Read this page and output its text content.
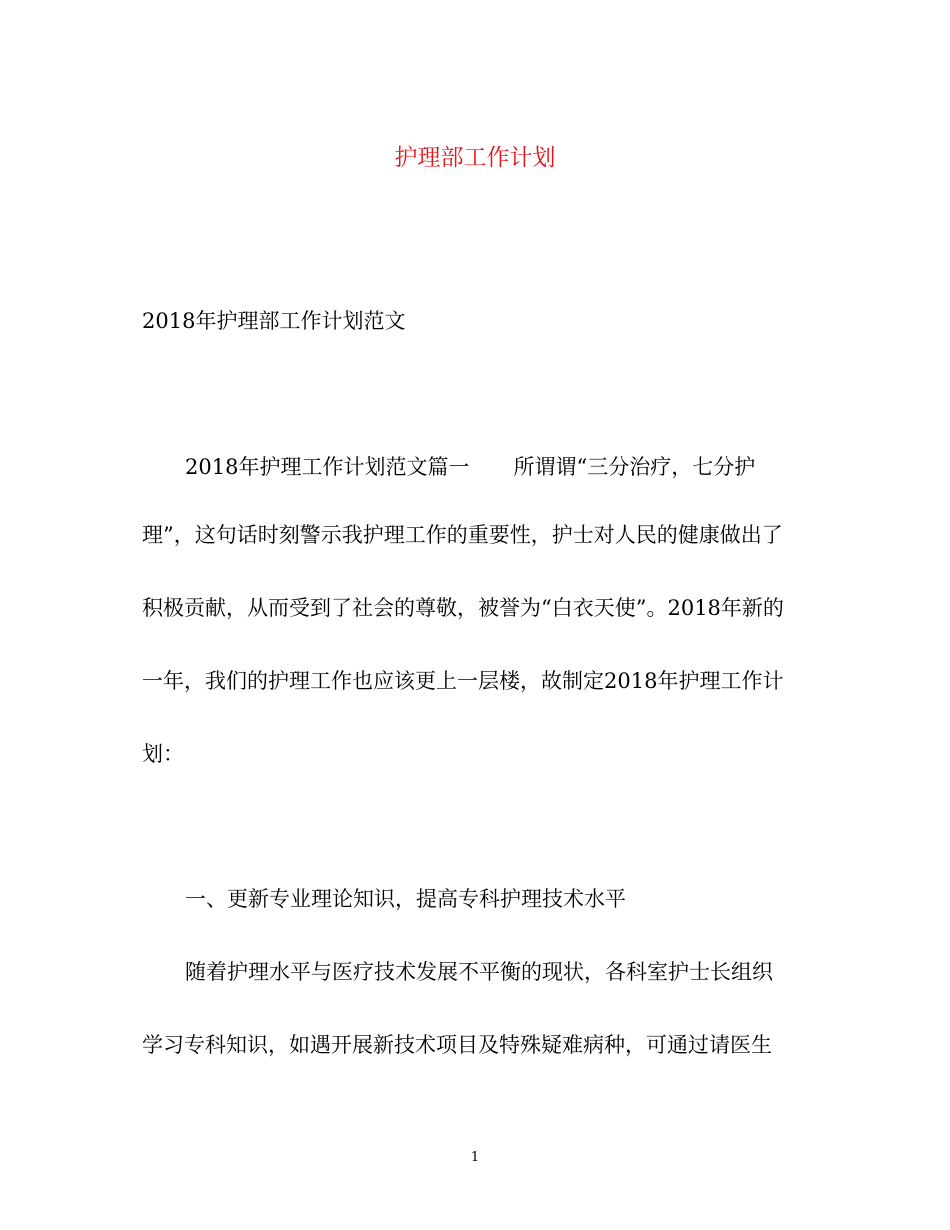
护理部工作计划
2018年护理部工作计划范文
2018年护理工作计划范文篇一 所谓谓“三分治疗，七分护
理”，这句话时刻警示我护理工作的重要性，护士对人民的健康做出了
积极贡献，从而受到了社会的尊敬，被誉为“白衣天使”。2018年新的
一年，我们的护理工作也应该更上一层楼，故制定2018年护理工作计
划：
一、更新专业理论知识，提高专科护理技术水平
随着护理水平与医疗技术发展不平衡的现状，各科室护士长组织
学习专科知识，如遇开展新技术项目及特殊疑难病种，可通过请医生
1
